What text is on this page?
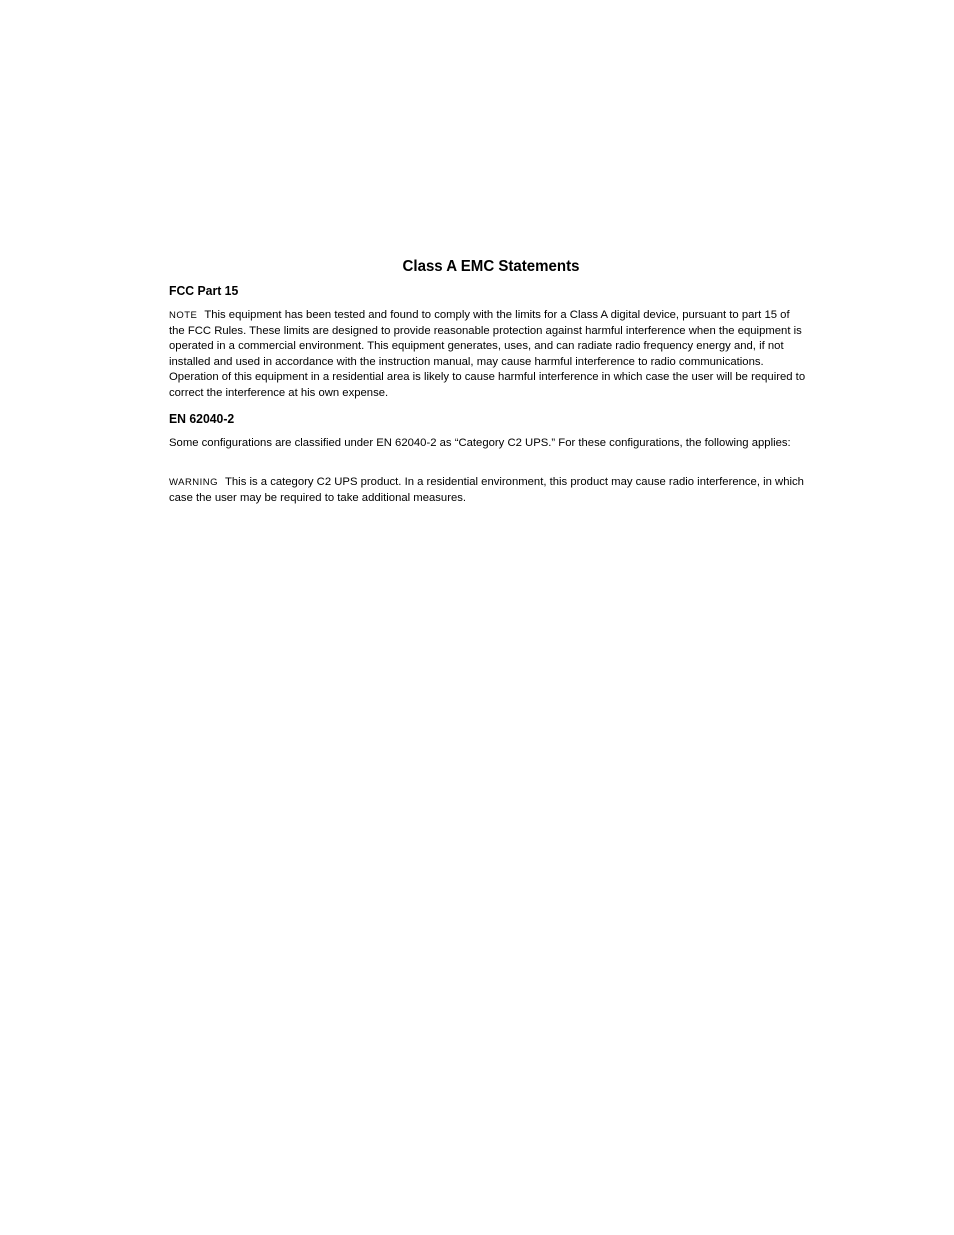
Class A EMC Statements
FCC Part 15

NOTE This equipment has been tested and found to comply with the limits for a Class A digital device, pursuant to part 15 of the FCC Rules. These limits are designed to provide reasonable protection against harmful interference when the equipment is operated in a commercial environment. This equipment generates, uses, and can radiate radio frequency energy and, if not installed and used in accordance with the instruction manual, may cause harmful interference to radio communications. Operation of this equipment in a residential area is likely to cause harmful interference in which case the user will be required to correct the interference at his own expense.

EN 62040-2

Some configurations are classified under EN 62040-2 as “Category C2 UPS.” For these configurations, the following applies:

WARNING This is a category C2 UPS product. In a residential environment, this product may cause radio interference, in which case the user may be required to take additional measures.
